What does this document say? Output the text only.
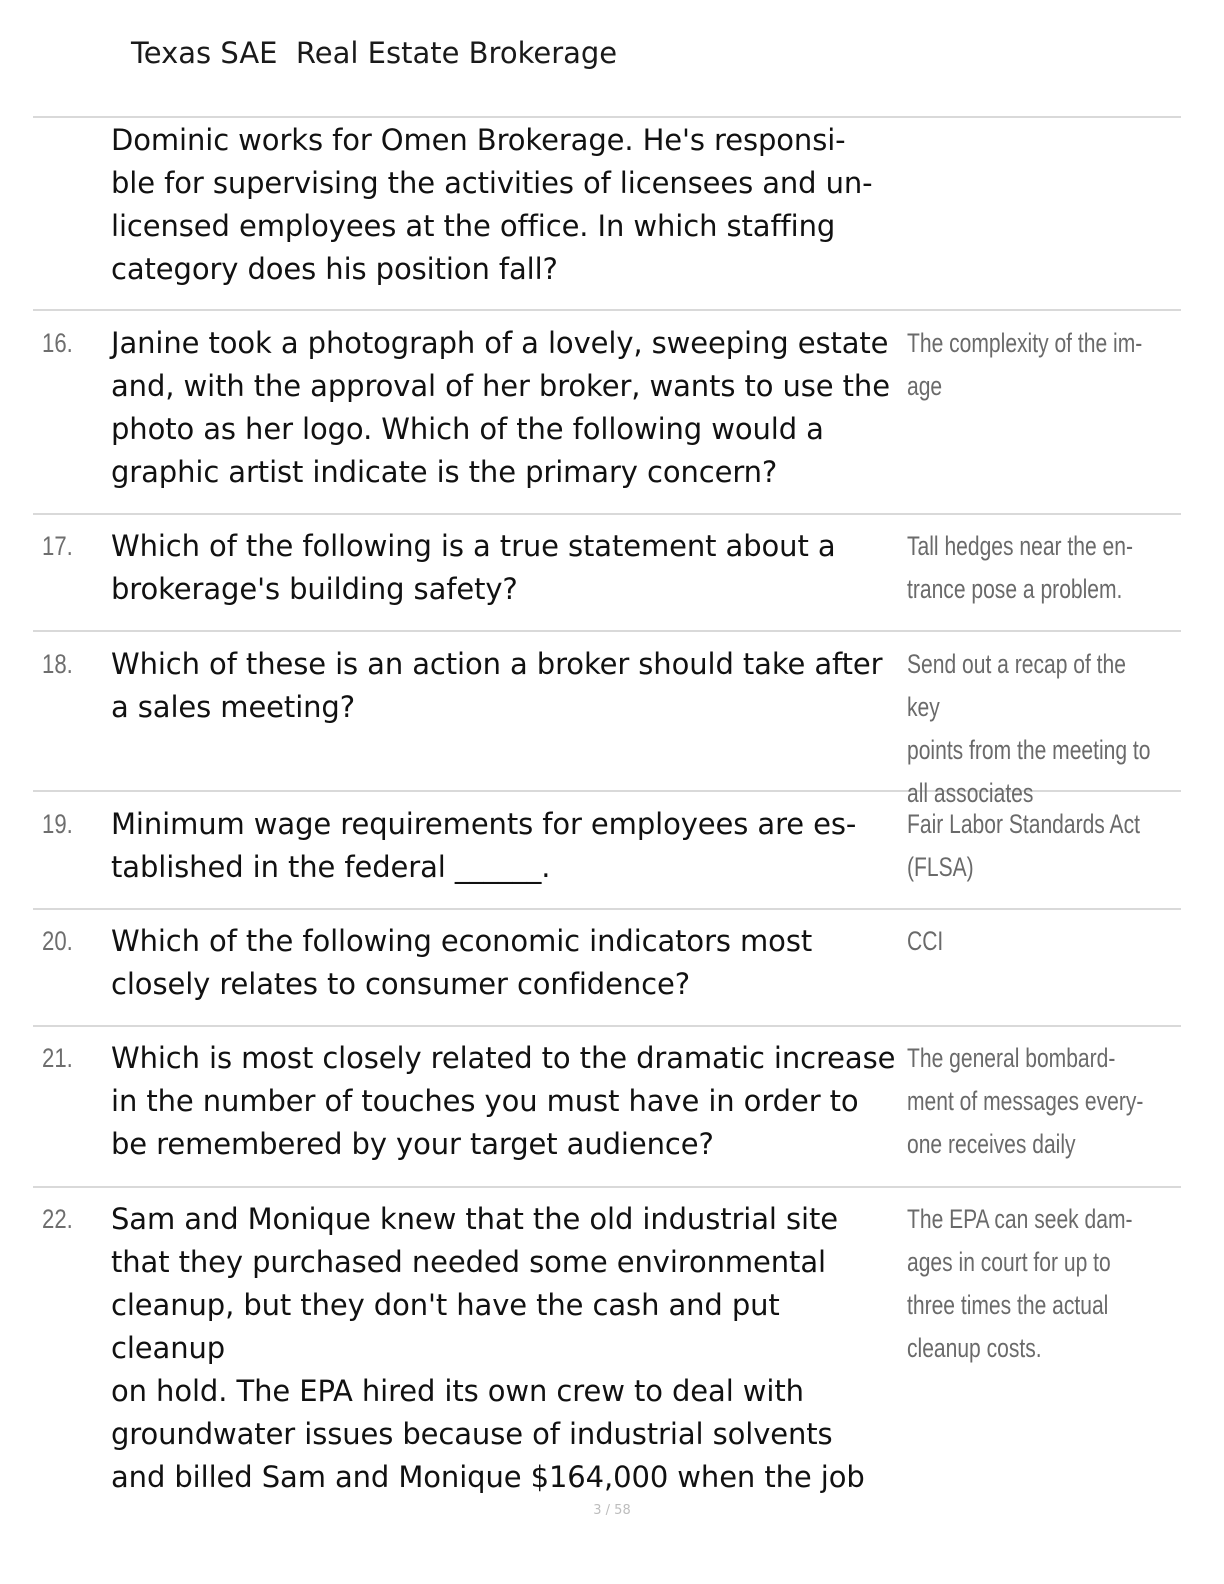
Texas SAE  Real Estate Brokerage
Dominic works for Omen Brokerage. He's responsi-
ble for supervising the activities of licensees and un-
licensed employees at the office. In which staffing
category does his position fall?
16. Janine took a photograph of a lovely, sweeping estate
and, with the approval of her broker, wants to use the
photo as her logo. Which of the following would a
graphic artist indicate is the primary concern?
The complexity of the im-
age
17. Which of the following is a true statement about a
brokerage's building safety?
Tall hedges near the en-
trance pose a problem.
18. Which of these is an action a broker should take after
a sales meeting?
Send out a recap of the key
points from the meeting to
all associates
19. Minimum wage requirements for employees are es-
tablished in the federal ______.
Fair Labor Standards Act
(FLSA)
20. Which of the following economic indicators most
closely relates to consumer confidence?
CCI
21. Which is most closely related to the dramatic increase
in the number of touches you must have in order to
be remembered by your target audience?
The general bombard-
ment of messages every-
one receives daily
22. Sam and Monique knew that the old industrial site
that they purchased needed some environmental
cleanup, but they don't have the cash and put cleanup
on hold. The EPA hired its own crew to deal with
groundwater issues because of industrial solvents
and billed Sam and Monique $164,000 when the job
The EPA can seek dam-
ages in court for up to
three times the actual
cleanup costs.
3 / 58
